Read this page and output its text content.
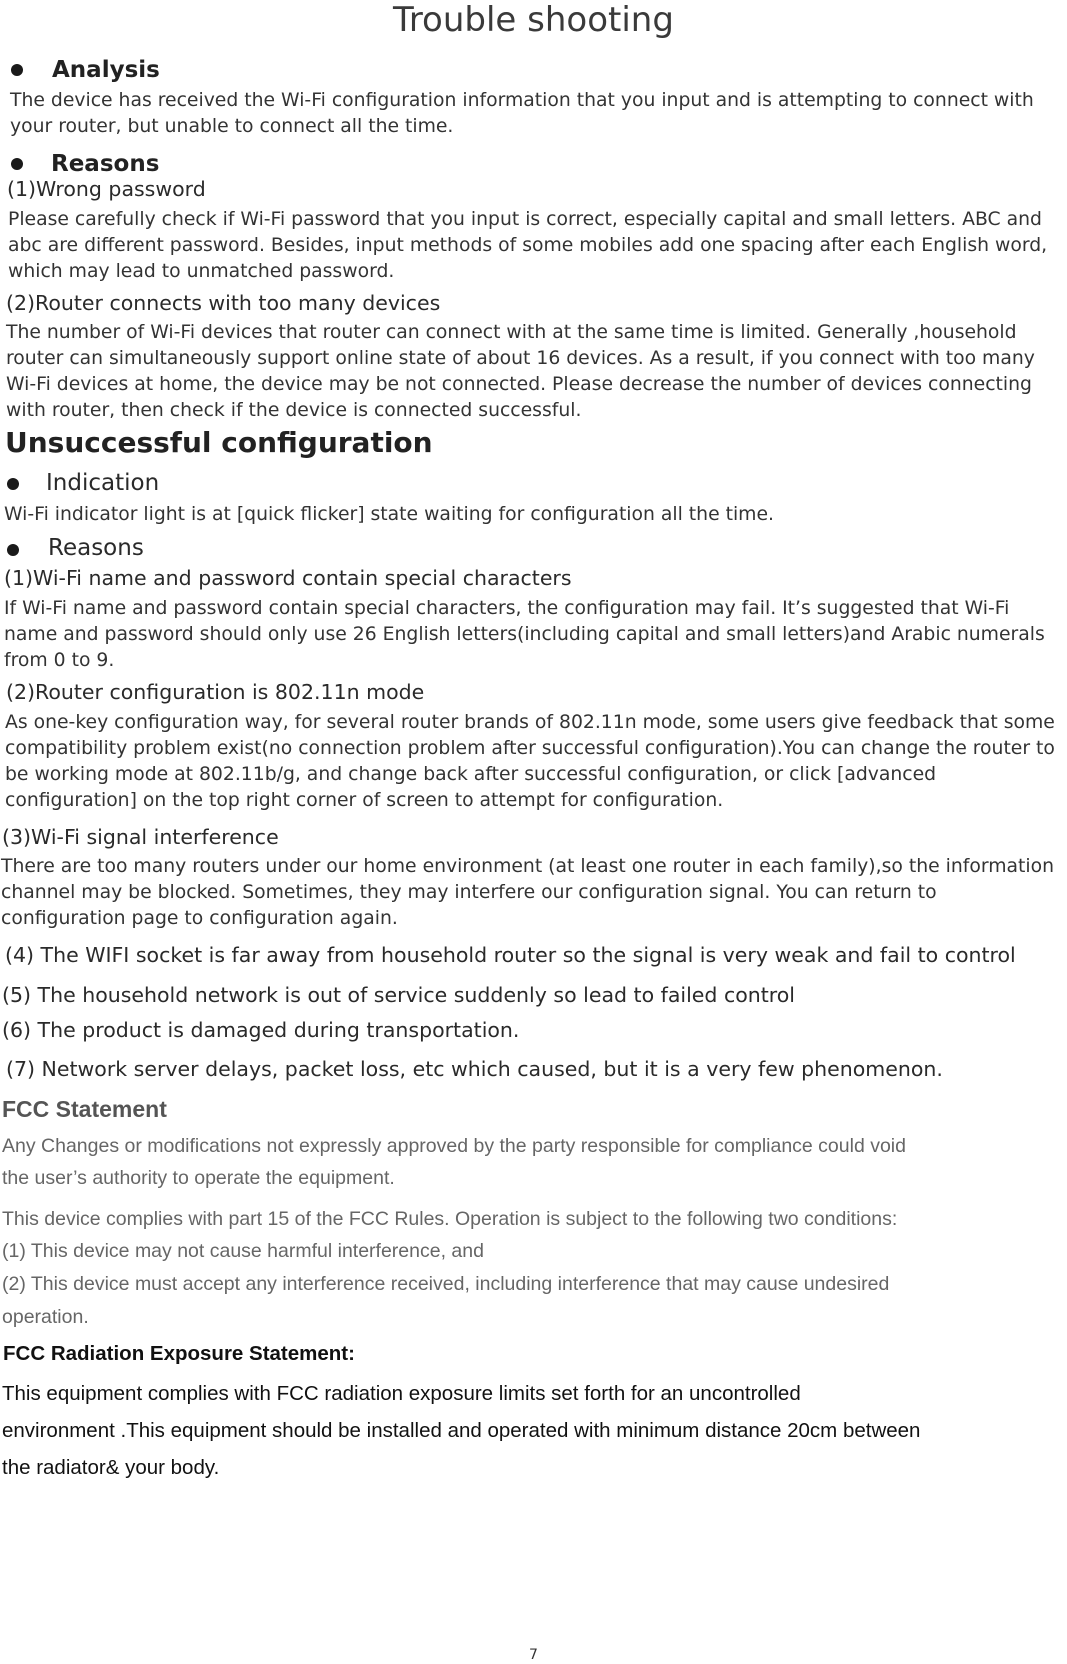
Trouble shooting
Analysis
The device has received the Wi-Fi configuration information that you input and is attempting to connect with
your router, but unable to connect all the time.
Reasons
(1)Wrong password
Please carefully check if Wi-Fi password that you input is correct, especially capital and small letters. ABC and
abc are different password. Besides, input methods of some mobiles add one spacing after each English word,
which may lead to unmatched password.
(2)Router connects with too many devices
The number of Wi-Fi devices that router can connect with at the same time is limited. Generally ,household
router can simultaneously support online state of about 16 devices. As a result, if you connect with too many
Wi-Fi devices at home, the device may be not connected. Please decrease the number of devices connecting
with router, then check if the device is connected successful.
Unsuccessful configuration
Indication
Wi-Fi indicator light is at [quick flicker] state waiting for configuration all the time.
Reasons
(1)Wi-Fi name and password contain special characters
If Wi-Fi name and password contain special characters, the configuration may fail. It’s suggested that Wi-Fi
name and password should only use 26 English letters(including capital and small letters)and Arabic numerals
from 0 to 9.
(2)Router configuration is 802.11n mode
As one-key configuration way, for several router brands of 802.11n mode, some users give feedback that some
compatibility problem exist(no connection problem after successful configuration).You can change the router to
be working mode at 802.11b/g, and change back after successful configuration, or click [advanced
configuration] on the top right corner of screen to attempt for configuration.
(3)Wi-Fi signal interference
There are too many routers under our home environment (at least one router in each family),so the information
channel may be blocked. Sometimes, they may interfere our configuration signal. You can return to
configuration page to configuration again.
(4) The WIFI socket is far away from household router so the signal is very weak and fail to control
(5) The household network is out of service suddenly so lead to failed control
(6) The product is damaged during transportation.
(7) Network server delays, packet loss, etc which caused, but it is a very few phenomenon.
FCC Statement
Any Changes or modifications not expressly approved by the party responsible for compliance could void
the user’s authority to operate the equipment.
This device complies with part 15 of the FCC Rules. Operation is subject to the following two conditions:
(1) This device may not cause harmful interference, and
(2) This device must accept any interference received, including interference that may cause undesired
operation.
FCC Radiation Exposure Statement:
This equipment complies with FCC radiation exposure limits set forth for an uncontrolled
environment .This equipment should be installed and operated with minimum distance 20cm between
the radiator& your body.
7
